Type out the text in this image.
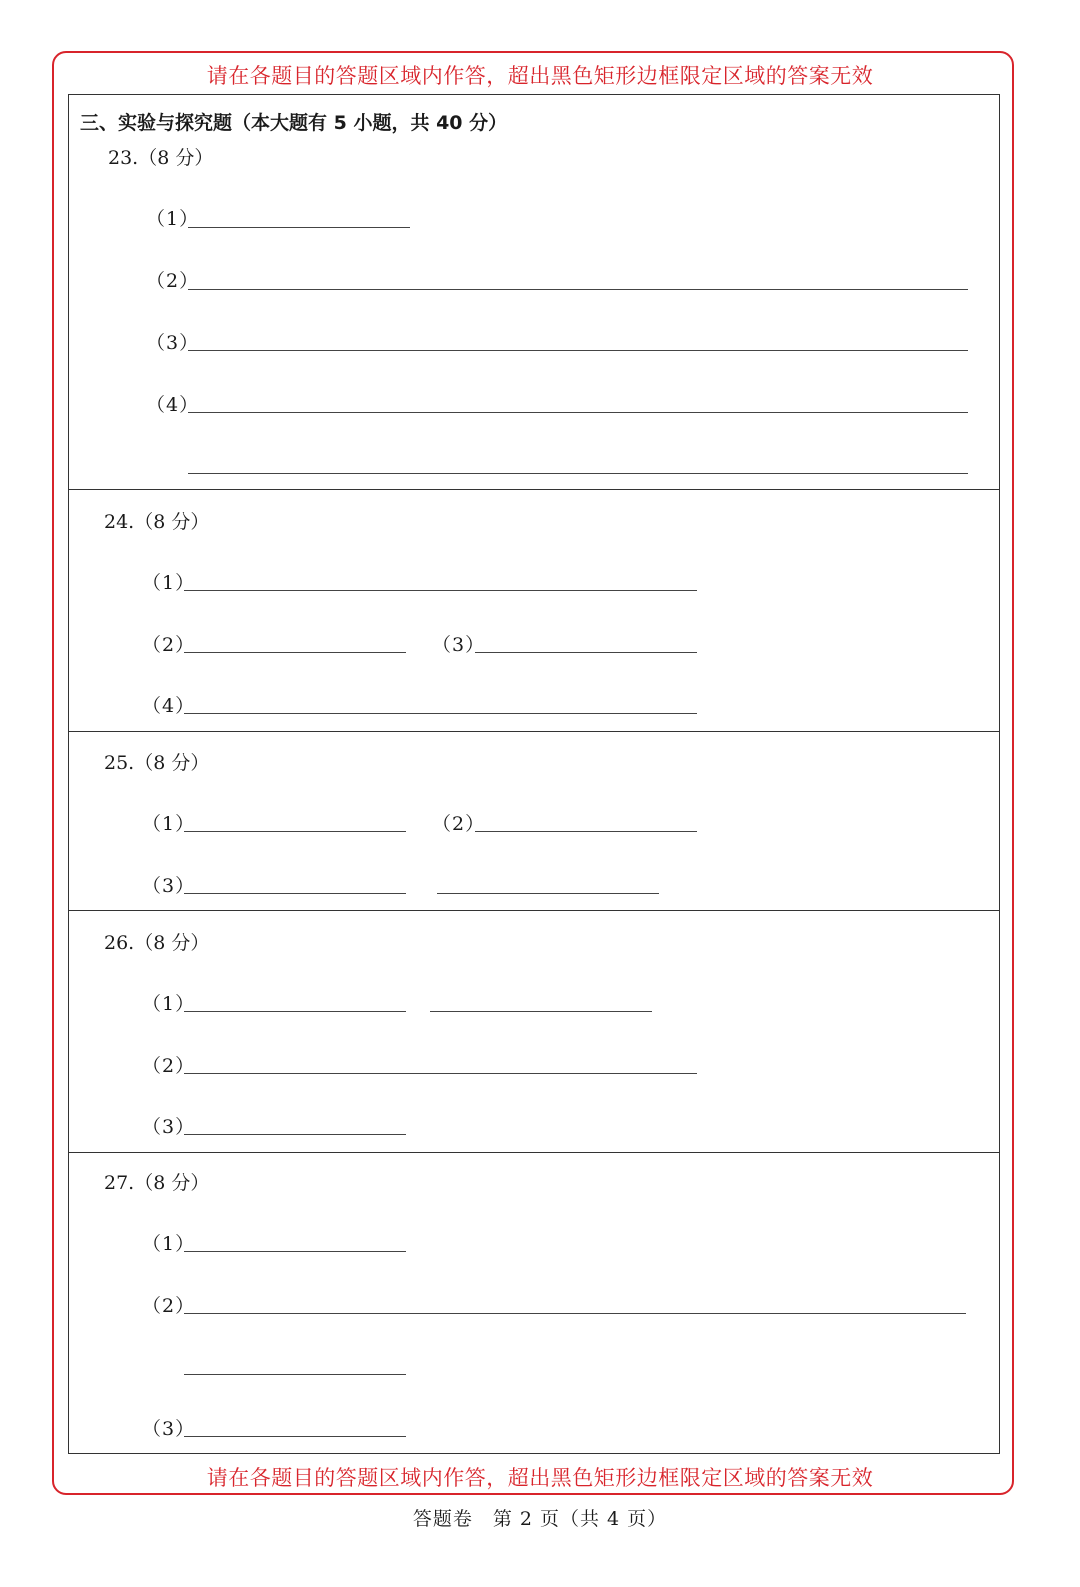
请在各题目的答题区域内作答，超出黑色矩形边框限定区域的答案无效
三、实验与探究题（本大题有 5 小题，共 40 分）
23.（8 分）
（1）
（2）
（3）
（4）
24.（8 分）
（1）
（2）	（3）
（4）
25.（8 分）
（1）	（2）
（3）
26.（8 分）
（1）
（2）
（3）
27.（8 分）
（1）
（2）
（3）
请在各题目的答题区域内作答，超出黑色矩形边框限定区域的答案无效
答题卷　第 2 页（共 4 页）
